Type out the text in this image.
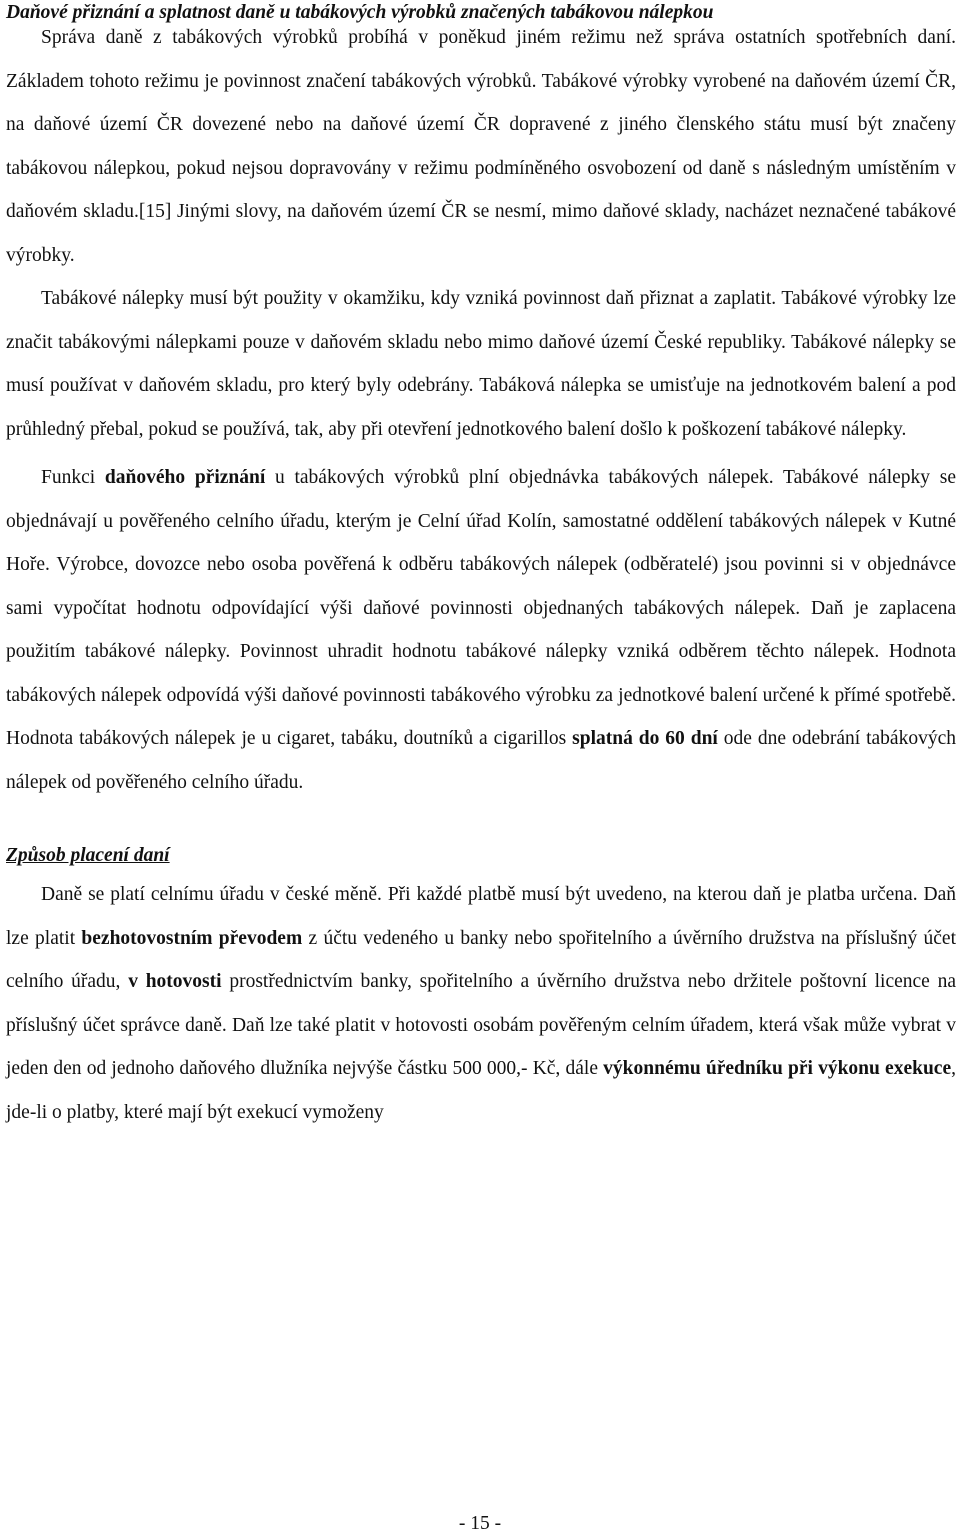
Daňové přiznání a splatnost daně u tabákových výrobků značených tabákovou nálepkou

Správa daně z tabákových výrobků probíhá v poněkud jiném režimu než správa ostatních spotřebních daní. Základem tohoto režimu je povinnost značení tabákových výrobků. Tabákové výrobky vyrobené na daňovém území ČR, na daňové území ČR dovezené nebo na daňové území ČR dopravené z jiného členského státu musí být značeny tabákovou nálepkou, pokud nejsou dopravovány v režimu podmíněného osvobození od daně s následným umístěním v daňovém skladu.[15] Jinými slovy, na daňovém území ČR se nesmí, mimo daňové sklady, nacházet neznačené tabákové výrobky.

Tabákové nálepky musí být použity v okamžiku, kdy vzniká povinnost daň přiznat a zaplatit. Tabákové výrobky lze značit tabákovými nálepkami pouze v daňovém skladu nebo mimo daňové území České republiky. Tabákové nálepky se musí používat v daňovém skladu, pro který byly odebrány. Tabáková nálepka se umisťuje na jednotkovém balení a pod průhledný přebal, pokud se používá, tak, aby při otevření jednotkového balení došlo k poškození tabákové nálepky.

Funkci daňového přiznání u tabákových výrobků plní objednávka tabákových nálepek. Tabákové nálepky se objednávají u pověřeného celního úřadu, kterým je Celní úřad Kolín, samostatné oddělení tabákových nálepek v Kutné Hoře. Výrobce, dovozce nebo osoba pověřená k odběru tabákových nálepek (odběratelé) jsou povinni si v objednávce sami vypočítat hodnotu odpovídající výši daňové povinnosti objednaných tabákových nálepek. Daň je zaplacena použitím tabákové nálepky. Povinnost uhradit hodnotu tabákové nálepky vzniká odběrem těchto nálepek. Hodnota tabákových nálepek odpovídá výši daňové povinnosti tabákového výrobku za jednotkové balení určené k přímé spotřebě. Hodnota tabákových nálepek je u cigaret, tabáku, doutníků a cigarillos splatná do 60 dní ode dne odebrání tabákových nálepek od pověřeného celního úřadu.

Způsob placení daní

Daně se platí celnímu úřadu v české měně. Při každé platbě musí být uvedeno, na kterou daň je platba určena. Daň lze platit bezhotovostním převodem z účtu vedeného u banky nebo spořitelního a úvěrního družstva na příslušný účet celního úřadu, v hotovosti prostřednictvím banky, spořitelního a úvěrního družstva nebo držitele poštovní licence na příslušný účet správce daně. Daň lze také platit v hotovosti osobám pověřeným celním úřadem, která však může vybrat v jeden den od jednoho daňového dlužníka nejvýše částku 500 000,- Kč, dále výkonnému úředníku při výkonu exekuce, jde-li o platby, které mají být exekucí vymoženy

- 15 -
